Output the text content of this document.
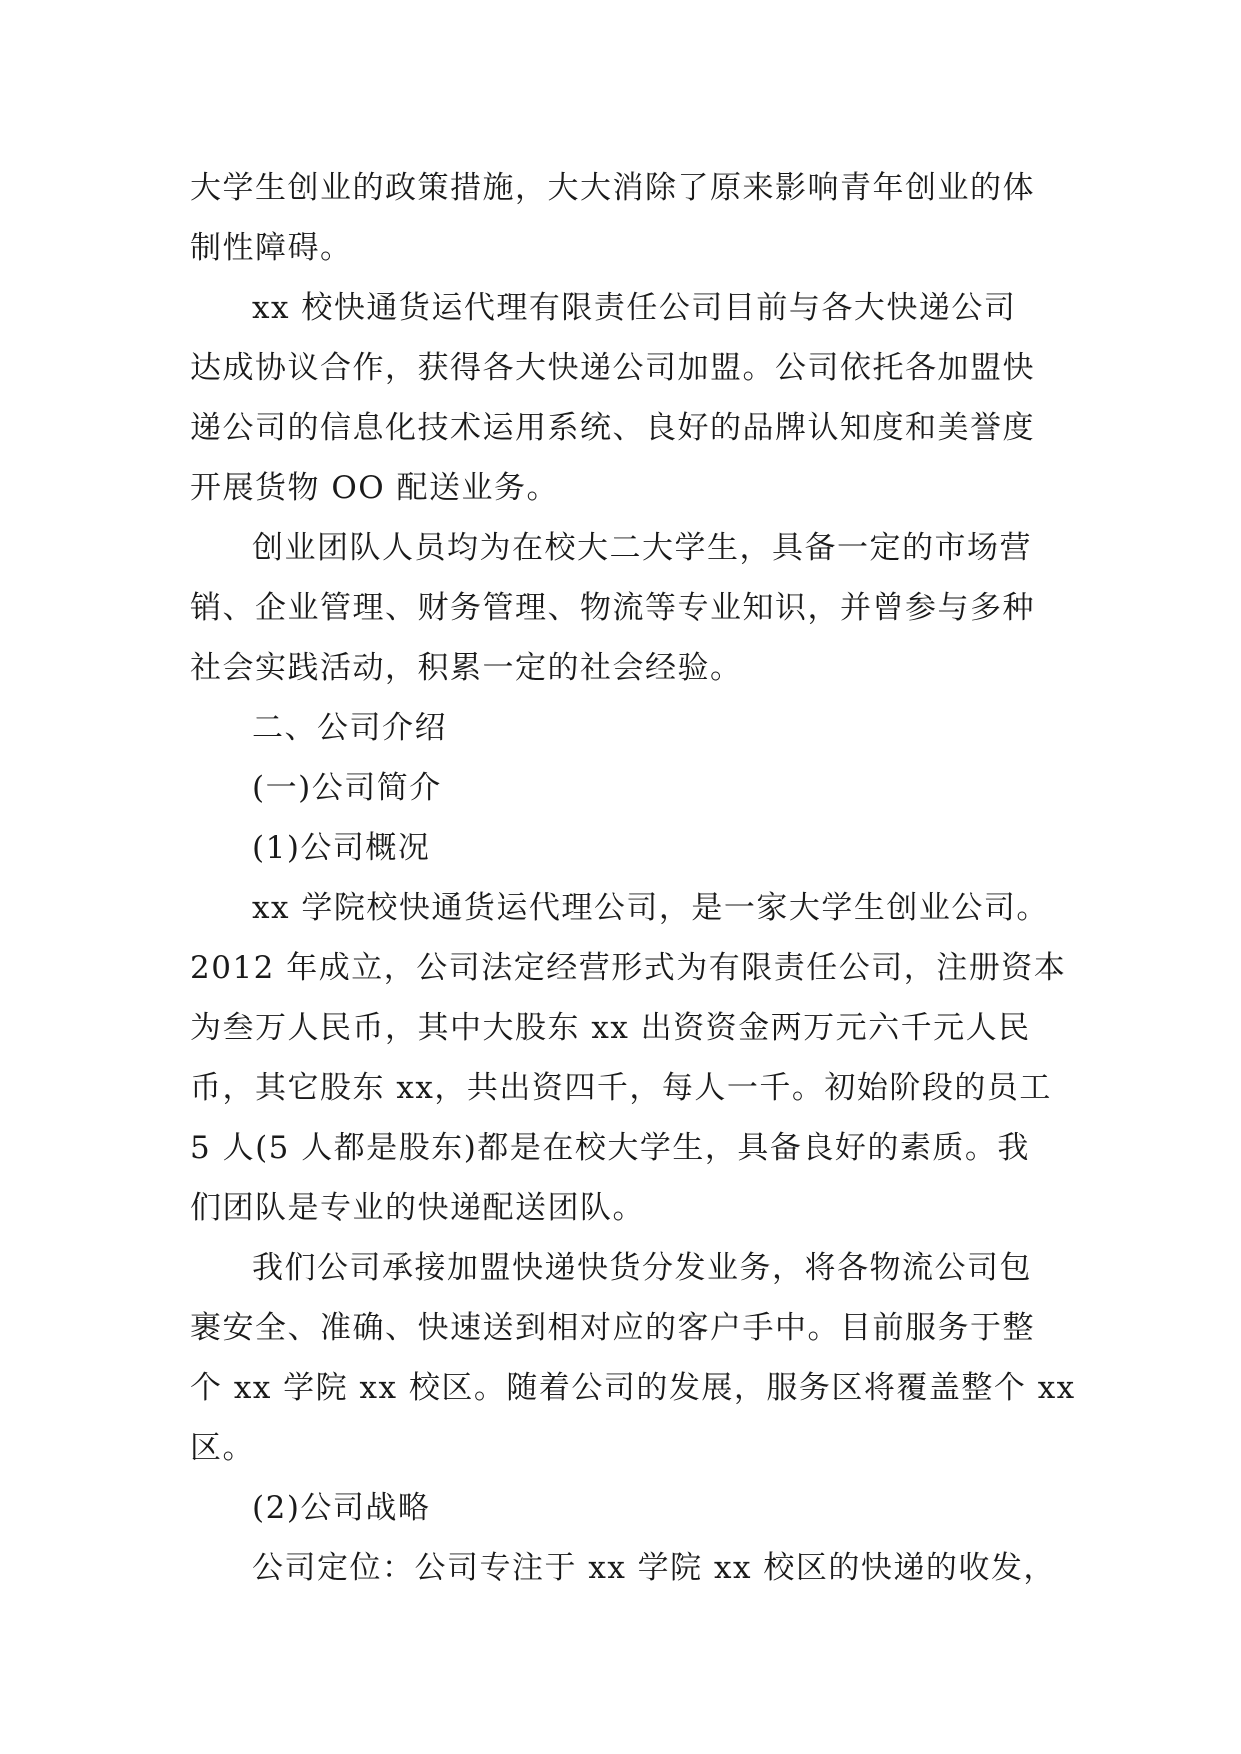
大学生创业的政策措施，大大消除了原来影响青年创业的体
制性障碍。
xx 校快通货运代理有限责任公司目前与各大快递公司
达成协议合作，获得各大快递公司加盟。公司依托各加盟快
递公司的信息化技术运用系统、良好的品牌认知度和美誉度
开展货物 OO 配送业务。
创业团队人员均为在校大二大学生，具备一定的市场营
销、企业管理、财务管理、物流等专业知识，并曾参与多种
社会实践活动，积累一定的社会经验。
二、公司介绍
(一)公司简介
(1)公司概况
xx 学院校快通货运代理公司，是一家大学生创业公司。
2012 年成立，公司法定经营形式为有限责任公司，注册资本
为叁万人民币，其中大股东 xx 出资资金两万元六千元人民
币，其它股东 xx，共出资四千，每人一千。初始阶段的员工
5 人(5 人都是股东)都是在校大学生，具备良好的素质。我
们团队是专业的快递配送团队。
我们公司承接加盟快递快货分发业务，将各物流公司包
裹安全、准确、快速送到相对应的客户手中。目前服务于整
个 xx 学院 xx 校区。随着公司的发展，服务区将覆盖整个 xx
区。
(2)公司战略
公司定位：公司专注于 xx 学院 xx 校区的快递的收发，
